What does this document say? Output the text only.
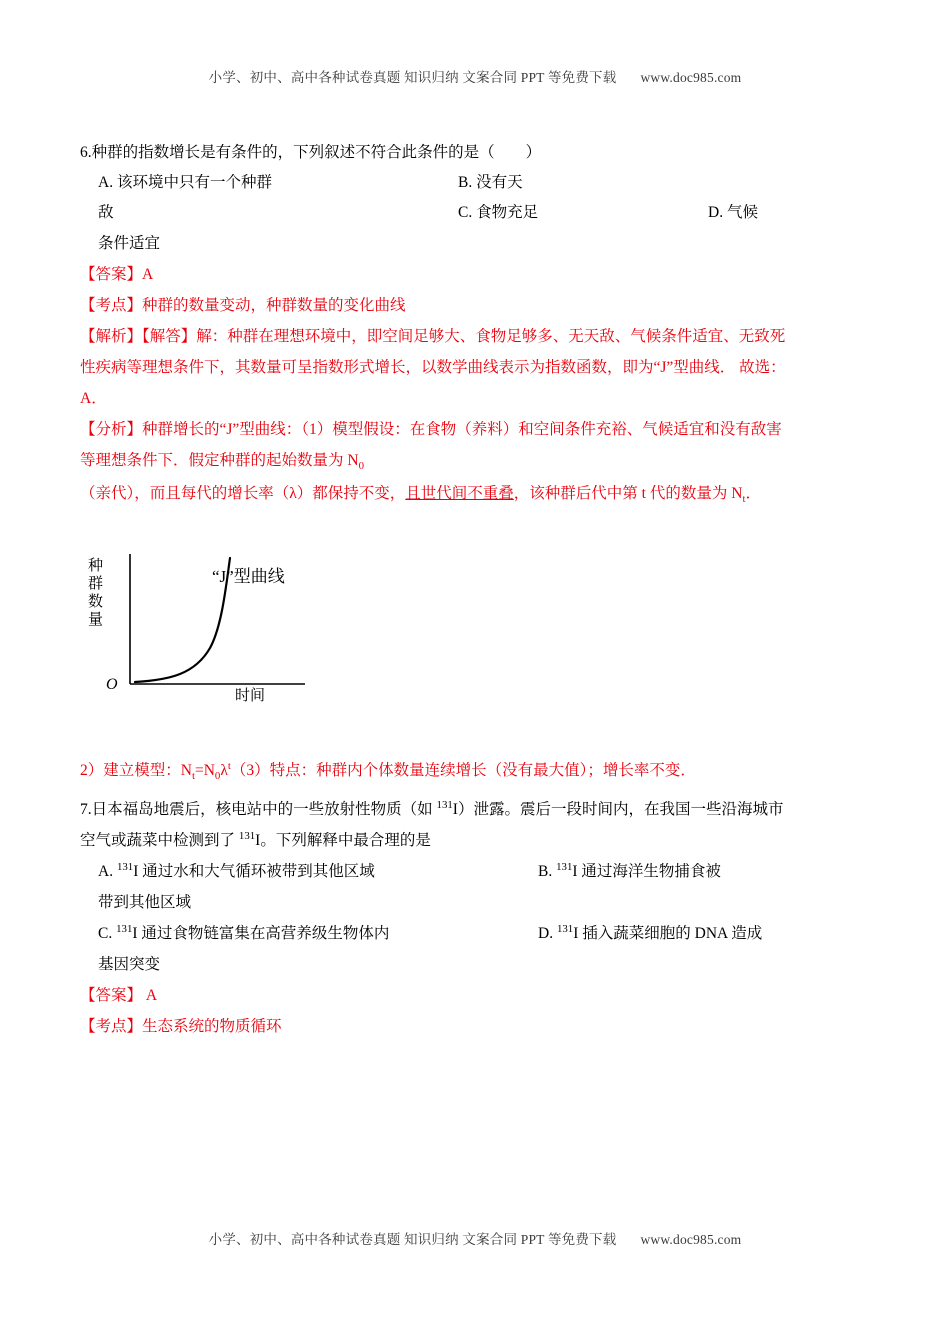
小学、初中、高中各种试卷真题 知识归纳 文案合同 PPT 等免费下载 www.doc985.com
6.种群的指数增长是有条件的，下列叙述不符合此条件的是（        ）
A. 该环境中只有一个种群	B. 没有天
敌	C. 食物充足	D. 气候
条件适宜
【答案】A
【考点】种群的数量变动，种群数量的变化曲线
【解析】【解答】解：种群在理想环境中，即空间足够大、食物足够多、无天敌、气候条件适宜、无致死
性疾病等理想条件下，其数量可呈指数形式增长，以数学曲线表示为指数函数，即为“J”型曲线． 故选：
A．
【分析】种群增长的“J”型曲线：（1）模型假设：在食物（养料）和空间条件充裕、气候适宜和没有敌害
等理想条件下．假定种群的起始数量为 $N_0$
（亲代），而且每代的增长率（λ）都保持不变，且世代间不重叠，该种群后代中第 t 代的数量为 $N_t$．
种群数量
“J”型曲线
O
时间
2）建立模型：$N_t=N_0\lambda^t(3)$特点：种群内个体数量连续增长（没有最大值）；增长率不变．
7.日本福岛地震后，核电站中的一些放射性物质（如 $^{131}$I）泄露。震后一段时间内，在我国一些沿海城市
空气或蔬菜中检测到了 $^{131}$I。下列解释中最合理的是
A. $^{131}$I 通过水和大气循环被带到其他区域	B. $^{131}$I 通过海洋生物捕食被
带到其他区域
C. $^{131}$I 通过食物链富集在高营养级生物体内	D. $^{131}$I 插入蔬菜细胞的 DNA 造成
基因突变
【答案】 A
【考点】生态系统的物质循环
小学、初中、高中各种试卷真题 知识归纳 文案合同 PPT 等免费下载 www.doc985.com
